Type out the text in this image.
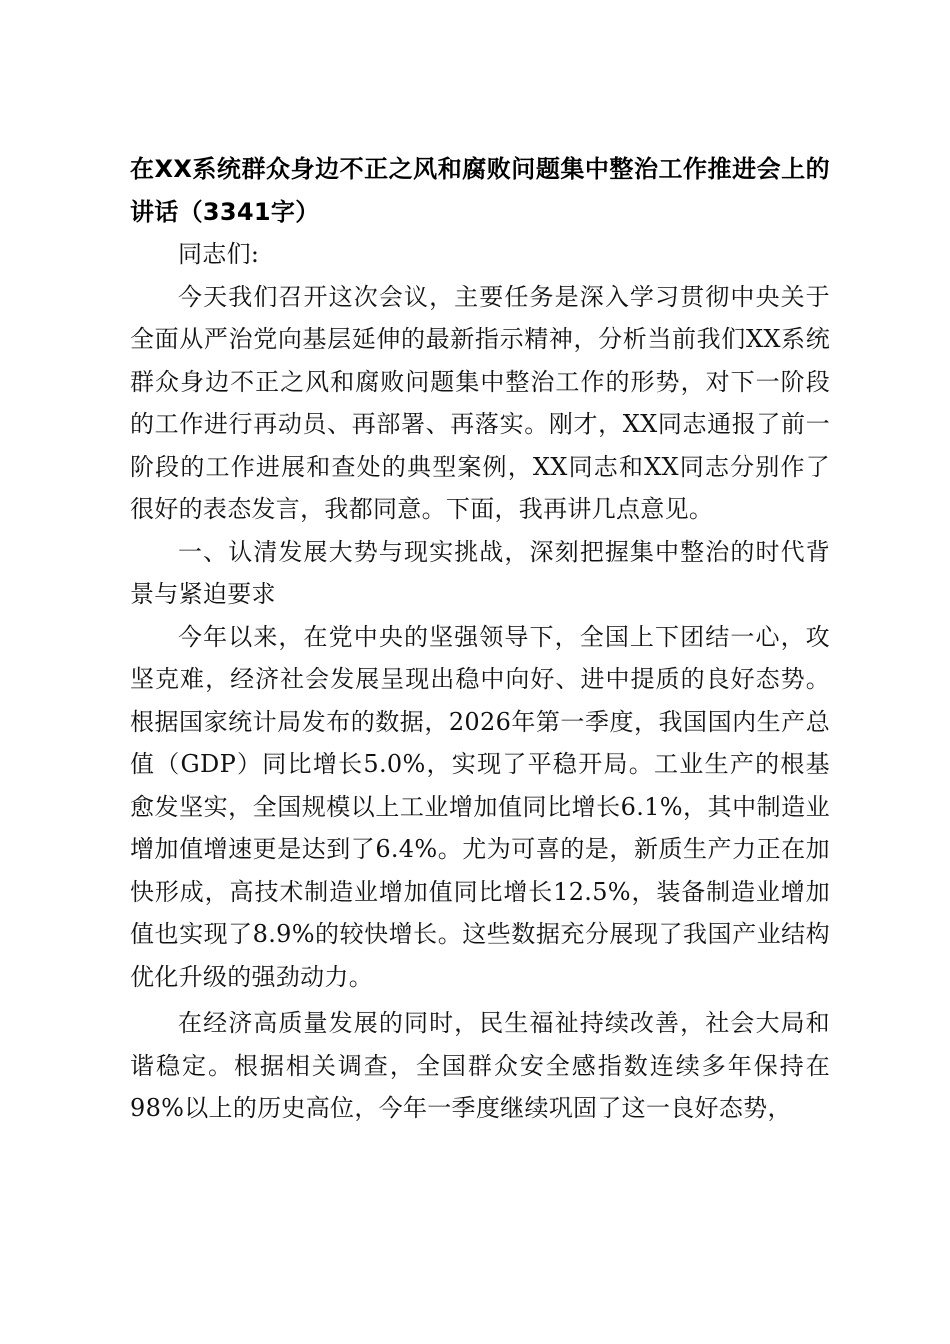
在XX系统群众身边不正之风和腐败问题集中整治工作推进会上的讲话（3341字）

同志们:

今天我们召开这次会议，主要任务是深入学习贯彻中央关于全面从严治党向基层延伸的最新指示精神，分析当前我们XX系统群众身边不正之风和腐败问题集中整治工作的形势，对下一阶段的工作进行再动员、再部署、再落实。刚才，XX同志通报了前一阶段的工作进展和查处的典型案例，XX同志和XX同志分别作了很好的表态发言，我都同意。下面，我再讲几点意见。

一、认清发展大势与现实挑战，深刻把握集中整治的时代背景与紧迫要求

今年以来，在党中央的坚强领导下，全国上下团结一心，攻坚克难，经济社会发展呈现出稳中向好、进中提质的良好态势。根据国家统计局发布的数据，2026年第一季度，我国国内生产总值（GDP）同比增长5.0%，实现了平稳开局。工业生产的根基愈发坚实，全国规模以上工业增加值同比增长6.1%，其中制造业增加值增速更是达到了6.4%。尤为可喜的是，新质生产力正在加快形成，高技术制造业增加值同比增长12.5%，装备制造业增加值也实现了8.9%的较快增长。这些数据充分展现了我国产业结构优化升级的强劲动力。

在经济高质量发展的同时，民生福祉持续改善，社会大局和谐稳定。根据相关调查，全国群众安全感指数连续多年保持在98%以上的历史高位，今年一季度继续巩固了这一良好态势，
